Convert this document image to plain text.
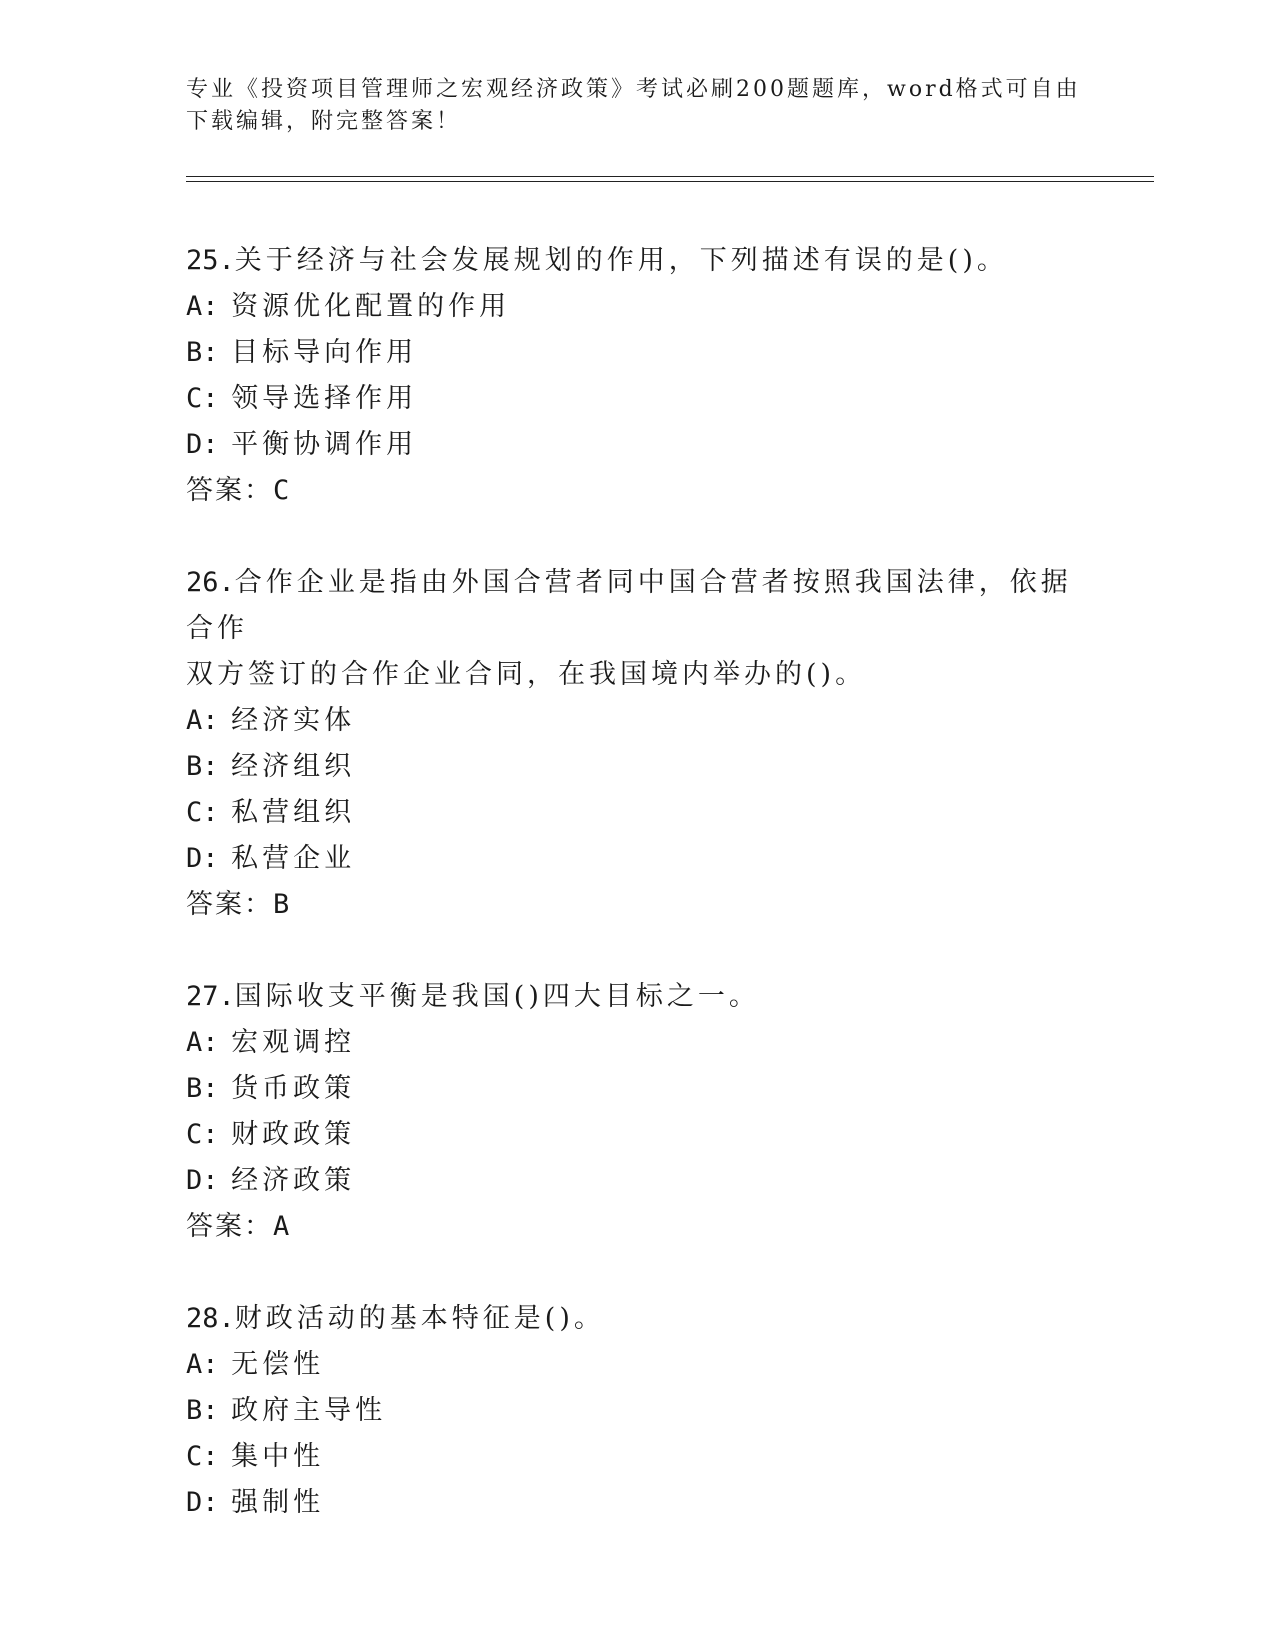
专业《投资项目管理师之宏观经济政策》考试必刷200题题库，word格式可自由
下载编辑，附完整答案！
25.关于经济与社会发展规划的作用，下列描述有误的是()。
A: 资源优化配置的作用
B: 目标导向作用
C: 领导选择作用
D: 平衡协调作用
答案：C
26.合作企业是指由外国合营者同中国合营者按照我国法律，依据合作
双方签订的合作企业合同，在我国境内举办的()。
A: 经济实体
B: 经济组织
C: 私营组织
D: 私营企业
答案：B
27.国际收支平衡是我国()四大目标之一。
A: 宏观调控
B: 货币政策
C: 财政政策
D: 经济政策
答案：A
28.财政活动的基本特征是()。
A: 无偿性
B: 政府主导性
C: 集中性
D: 强制性
